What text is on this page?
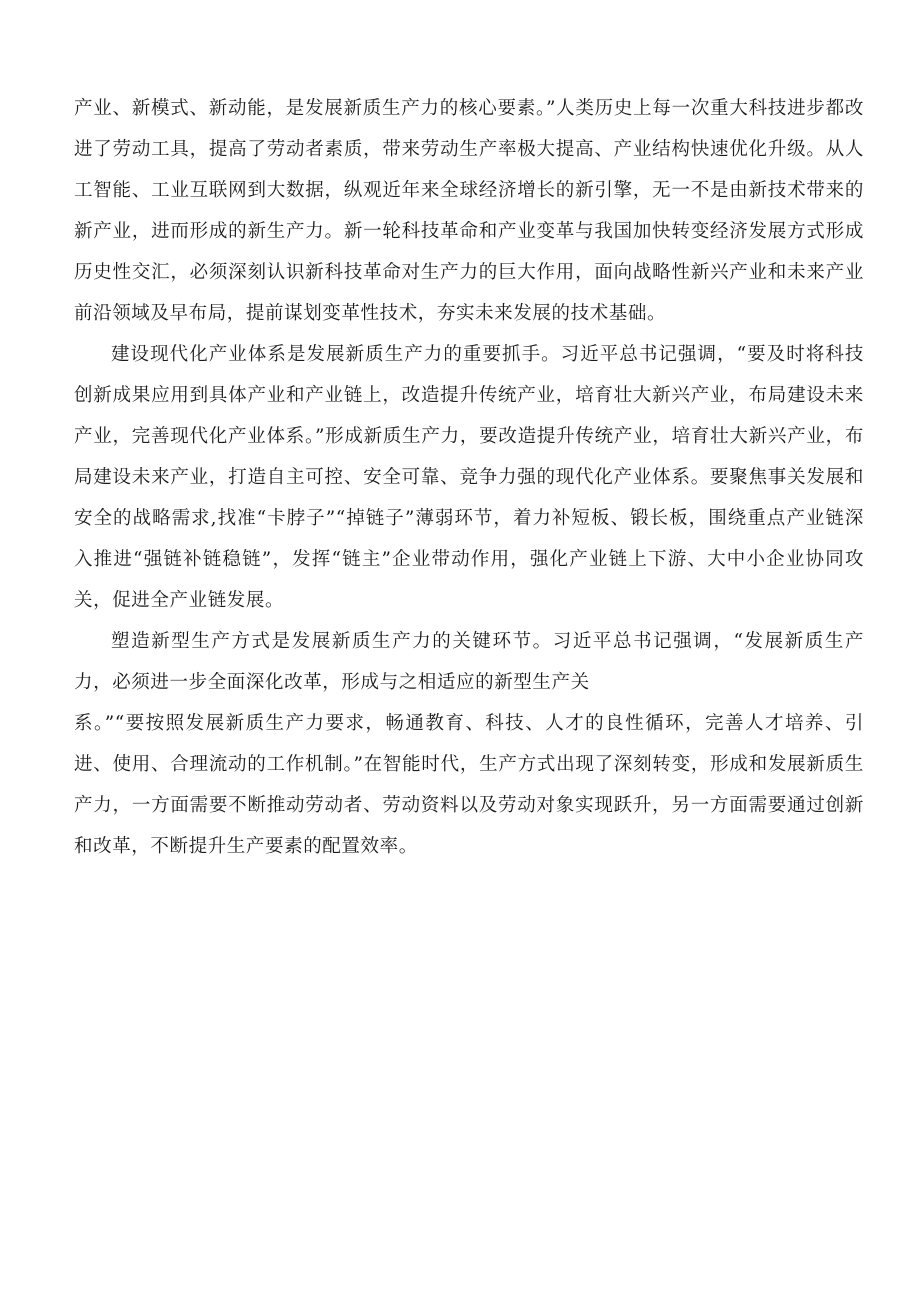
产业、新模式、新动能，是发展新质生产力的核心要素。”人类历史上每一次重大科技进步都改进了劳动工具，提高了劳动者素质，带来劳动生产率极大提高、产业结构快速优化升级。从人工智能、工业互联网到大数据，纵观近年来全球经济增长的新引擎，无一不是由新技术带来的新产业，进而形成的新生产力。新一轮科技革命和产业变革与我国加快转变经济发展方式形成历史性交汇，必须深刻认识新科技革命对生产力的巨大作用，面向战略性新兴产业和未来产业前沿领域及早布局，提前谋划变革性技术，夯实未来发展的技术基础。

建设现代化产业体系是发展新质生产力的重要抓手。习近平总书记强调，“要及时将科技创新成果应用到具体产业和产业链上，改造提升传统产业，培育壮大新兴产业，布局建设未来产业，完善现代化产业体系。”形成新质生产力，要改造提升传统产业，培育壮大新兴产业，布局建设未来产业，打造自主可控、安全可靠、竞争力强的现代化产业体系。要聚焦事关发展和安全的战略需求,找准“卡脖子”“掉链子”薄弱环节，着力补短板、锻长板，围绕重点产业链深入推进“强链补链稳链”，发挥“链主”企业带动作用，强化产业链上下游、大中小企业协同攻关，促进全产业链发展。

塑造新型生产方式是发展新质生产力的关键环节。习近平总书记强调，“发展新质生产力，必须进一步全面深化改革，形成与之相适应的新型生产关

系。”“要按照发展新质生产力要求，畅通教育、科技、人才的良性循环，完善人才培养、引进、使用、合理流动的工作机制。”在智能时代，生产方式出现了深刻转变，形成和发展新质生产力，一方面需要不断推动劳动者、劳动资料以及劳动对象实现跃升，另一方面需要通过创新和改革，不断提升生产要素的配置效率。
